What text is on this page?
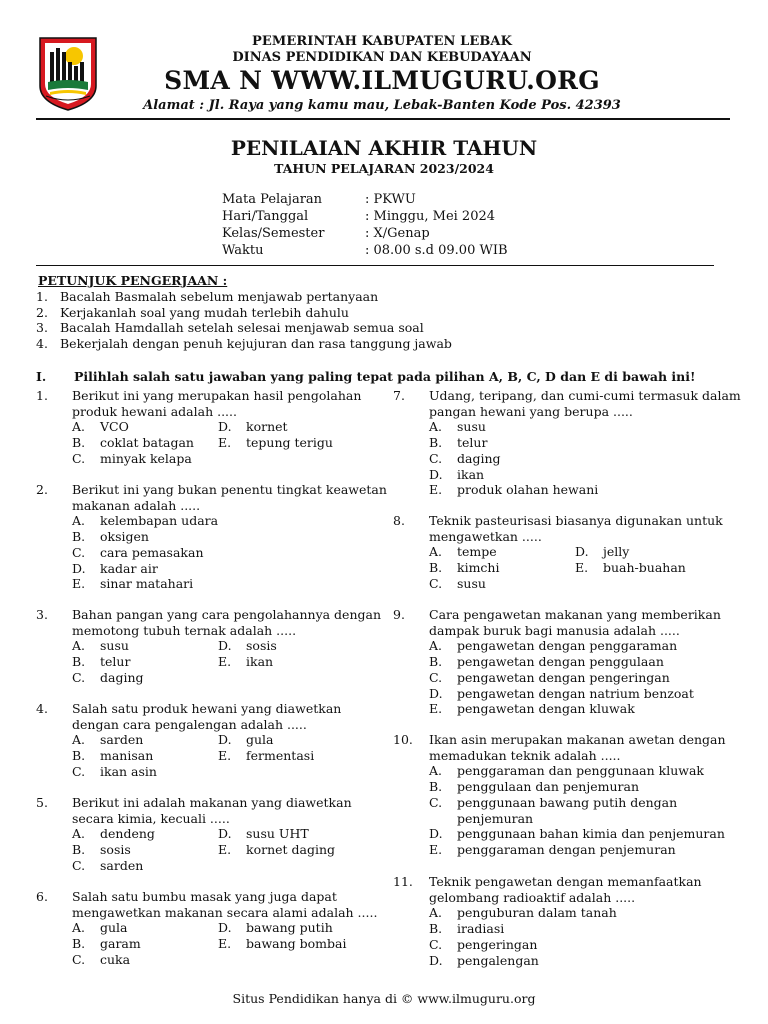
PEMERINTAH KABUPATEN LEBAK
DINAS PENDIDIKAN DAN KEBUDAYAAN
SMA N WWW.ILMUGURU.ORG
Alamat : Jl. Raya yang kamu mau, Lebak-Banten Kode Pos. 42393
PENILAIAN AKHIR TAHUN
TAHUN PELAJARAN 2023/2024
Mata Pelajaran	: PKWU
Hari/Tanggal	: Minggu, Mei 2024
Kelas/Semester	: X/Genap
Waktu	: 08.00 s.d 09.00 WIB
PETUNJUK PENGERJAAN :
1. Bacalah Basmalah sebelum menjawab pertanyaan
2. Kerjakanlah soal yang mudah terlebih dahulu
3. Bacalah Hamdallah setelah selesai menjawab semua soal
4. Bekerjalah dengan penuh kejujuran dan rasa tanggung jawab
I. Pilihlah salah satu jawaban yang paling tepat pada pilihan A, B, C, D dan E di bawah ini!
1. Berikut ini yang merupakan hasil pengolahan
produk hewani adalah .....
A. VCO	D. kornet
B. coklat batagan E. tepung terigu
C. minyak kelapa
2. Berikut ini yang bukan penentu tingkat keawetan
makanan adalah .....
A. kelembapan udara
B. oksigen
C. cara pemasakan
D. kadar air
E. sinar matahari
3. Bahan pangan yang cara pengolahannya dengan
memotong tubuh ternak adalah .....
A. susu	D. sosis
B. telur	E. ikan
C. daging
4. Salah satu produk hewani yang diawetkan
dengan cara pengalengan adalah .....
A. sarden	D. gula
B. manisan	E. fermentasi
C. ikan asin
5. Berikut ini adalah makanan yang diawetkan
secara kimia, kecuali .....
A. dendeng	D. susu UHT
B. sosis	E. kornet daging
C. sarden
6. Salah satu bumbu masak yang juga dapat
mengawetkan makanan secara alami adalah .....
A. gula	D. bawang putih
B. garam	E. bawang bombai
C. cuka
7. Udang, teripang, dan cumi-cumi termasuk dalam
pangan hewani yang berupa .....
A. susu
B. telur
C. daging
D. ikan
E. produk olahan hewani
8. Teknik pasteurisasi biasanya digunakan untuk
mengawetkan .....
A. tempe	D. jelly
B. kimchi	E. buah-buahan
C. susu
9. Cara pengawetan makanan yang memberikan
dampak buruk bagi manusia adalah .....
A. pengawetan dengan penggaraman
B. pengawetan dengan penggulaan
C. pengawetan dengan pengeringan
D. pengawetan dengan natrium benzoat
E. pengawetan dengan kluwak
10. Ikan asin merupakan makanan awetan dengan
memadukan teknik adalah .....
A. penggaraman dan penggunaan kluwak
B. penggulaan dan penjemuran
C. penggunaan bawang putih dengan
penjemuran
D. penggunaan bahan kimia dan penjemuran
E. penggaraman dengan penjemuran
11. Teknik pengawetan dengan memanfaatkan
gelombang radioaktif adalah .....
A. penguburan dalam tanah
B. iradiasi
C. pengeringan
D. pengalengan
Situs Pendidikan hanya di © www.ilmuguru.org
